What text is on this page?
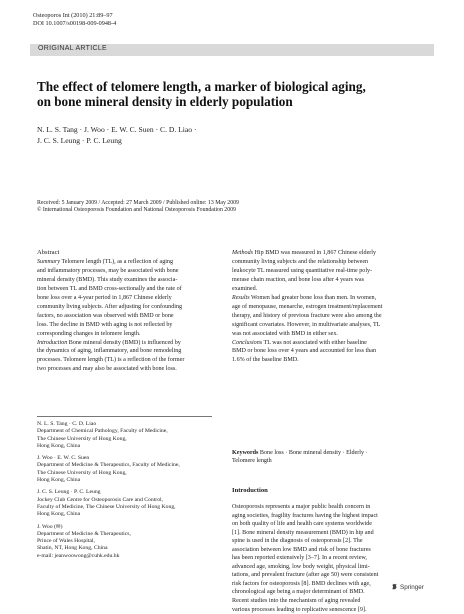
Osteoporos Int (2010) 21:89–97
DOI 10.1007/s00198-009-0948-4
ORIGINAL ARTICLE
The effect of telomere length, a marker of biological aging,
on bone mineral density in elderly population
N. L. S. Tang · J. Woo · E. W. C. Suen · C. D. Liao ·
J. C. S. Leung · P. C. Leung
Received: 5 January 2009 / Accepted: 27 March 2009 / Published online: 13 May 2009
© International Osteoporosis Foundation and National Osteoporosis Foundation 2009
Abstract
Summary Telomere length (TL), as a reflection of aging
and inflammatory processes, may be associated with bone
mineral density (BMD). This study examines the associa-
tion between TL and BMD cross-sectionally and the rate of
bone loss over a 4-year period in 1,867 Chinese elderly
community living subjects. After adjusting for confounding
factors, no association was observed with BMD or bone
loss. The decline in BMD with aging is not reflected by
corresponding changes in telomere length.
Introduction Bone mineral density (BMD) is influenced by
the dynamics of aging, inflammatory, and bone remodeling
processes. Telomere length (TL) is a reflection of the former
two processes and may also be associated with bone loss.
N. L. S. Tang · C. D. Liao
Department of Chemical Pathology, Faculty of Medicine,
The Chinese University of Hong Kong,
Hong Kong, China
J. Woo · E. W. C. Suen
Department of Medicine & Therapeutics, Faculty of Medicine,
The Chinese University of Hong Kong,
Hong Kong, China
J. C. S. Leung · P. C. Leung
Jockey Club Centre for Osteoporosis Care and Control,
Faculty of Medicine, The Chinese University of Hong Kong,
Hong Kong, China
J. Woo (✉)
Department of Medicine & Therapeutics,
Prince of Wales Hospital,
Shatin, NT, Hong Kong, China
e-mail: jeanwoowong@cuhk.edu.hk
Methods Hip BMD was measured in 1,867 Chinese elderly
community living subjects and the relationship between
leukocyte TL measured using quantitative real-time poly-
merase chain reaction, and bone loss after 4 years was
examined.
Results Women had greater bone loss than men. In women,
age of menopause, menarche, estrogen treatment/replacement
therapy, and history of previous fracture were also among the
significant covariates. However, in multivariate analyses, TL
was not associated with BMD in either sex.
Conclusions TL was not associated with either baseline
BMD or bone loss over 4 years and accounted for less than
1.6% of the baseline BMD.
Keywords Bone loss · Bone mineral density · Elderly ·
Telomere length
Introduction
Osteoporosis represents a major public health concern in
aging societies, fragility fractures having the highest impact
on both quality of life and health care systems worldwide
[1]. Bone mineral density measurement (BMD) in hip and
spine is used in the diagnosis of osteoporosis [2]. The
association between low BMD and risk of bone fractures
has been reported extensively [3–7]. In a recent review,
advanced age, smoking, low body weight, physical limi-
tations, and prevalent fracture (after age 50) were consistent
risk factors for osteoporosis [8]. BMD declines with age,
chronological age being a major determinant of BMD.
Recent studies into the mechanism of aging revealed
various processes leading to replicative senescence [9].
Springer
